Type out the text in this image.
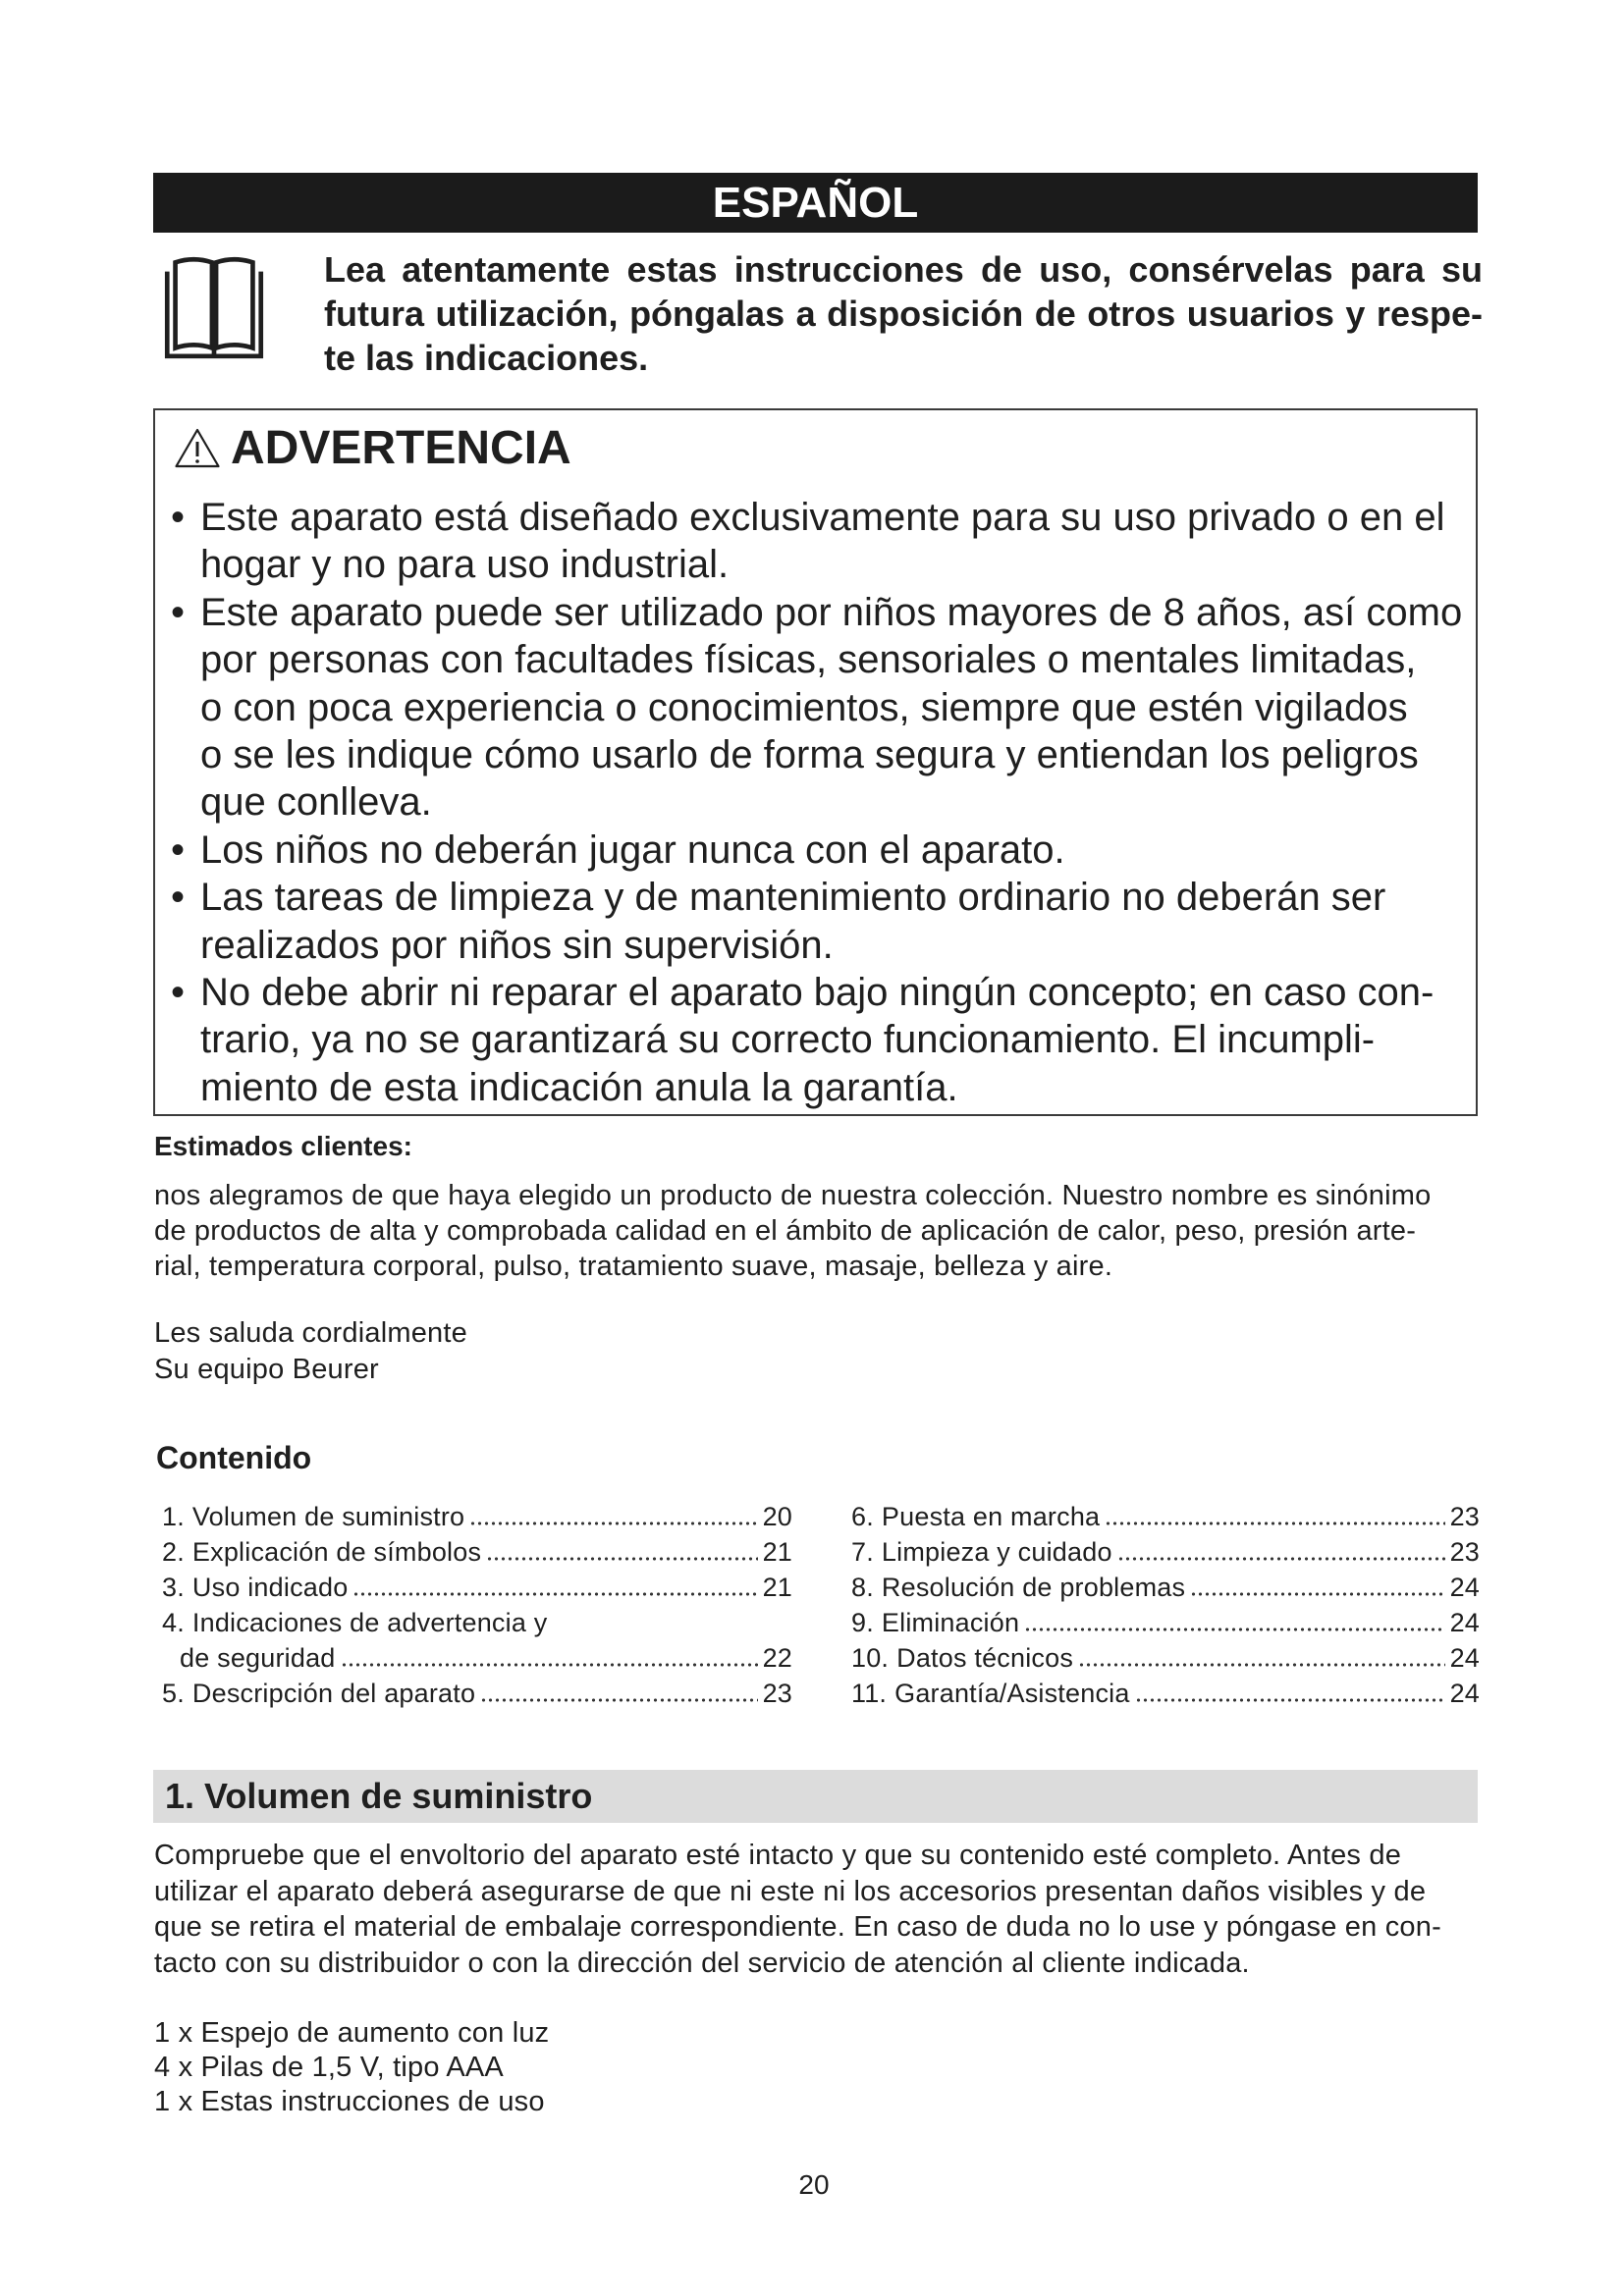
ESPAÑOL
Lea atentamente estas instrucciones de uso, consérvelas para su
futura utilización, póngalas a disposición de otros usuarios y respe-
te las indicaciones.
ADVERTENCIA
• Este aparato está diseñado exclusivamente para su uso privado o en el
hogar y no para uso industrial.
• Este aparato puede ser utilizado por niños mayores de 8 años, así como
por personas con facultades físicas, sensoriales o mentales limitadas,
o con poca experiencia o conocimientos, siempre que estén vigilados
o se les indique cómo usarlo de forma segura y entiendan los peligros
que conlleva.
• Los niños no deberán jugar nunca con el aparato.
• Las tareas de limpieza y de mantenimiento ordinario no deberán ser
realizados por niños sin supervisión.
• No debe abrir ni reparar el aparato bajo ningún concepto; en caso con-
trario, ya no se garantizará su correcto funcionamiento. El incumpli-
miento de esta indicación anula la garantía.
Estimados clientes:
nos alegramos de que haya elegido un producto de nuestra colección. Nuestro nombre es sinónimo
de productos de alta y comprobada calidad en el ámbito de aplicación de calor, peso, presión arte-
rial, temperatura corporal, pulso, tratamiento suave, masaje, belleza y aire.
Les saluda cordialmente
Su equipo Beurer
Contenido
1. Volumen de suministro	20
2. Explicación de símbolos	21
3. Uso indicado	21
4. Indicaciones de advertencia y
de seguridad	22
5. Descripción del aparato	23
6. Puesta en marcha	23
7. Limpieza y cuidado	23
8. Resolución de problemas	24
9. Eliminación	24
10. Datos técnicos	24
11. Garantía/Asistencia	24
1. Volumen de suministro
Compruebe que el envoltorio del aparato esté intacto y que su contenido esté completo. Antes de
utilizar el aparato deberá asegurarse de que ni este ni los accesorios presentan daños visibles y de
que se retira el material de embalaje correspondiente. En caso de duda no lo use y póngase en con-
tacto con su distribuidor o con la dirección del servicio de atención al cliente indicada.
1 x Espejo de aumento con luz
4 x Pilas de 1,5 V, tipo AAA
1 x Estas instrucciones de uso
20
